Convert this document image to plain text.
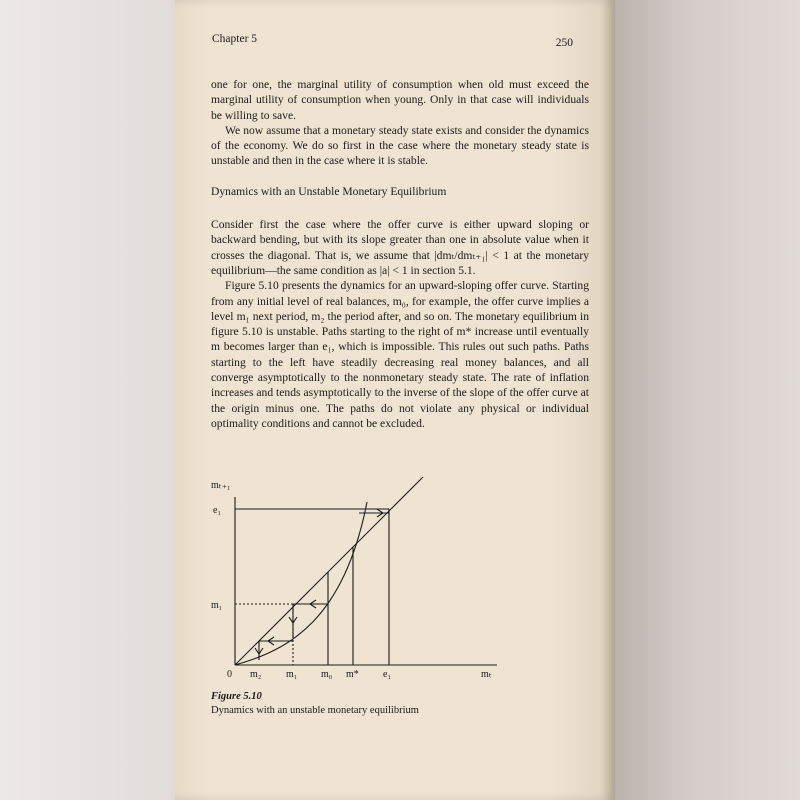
Chapter 5	250

one for one, the marginal utility of consumption when old must exceed the marginal utility of consumption when young. Only in that case will individuals be willing to save.

We now assume that a monetary steady state exists and consider the dynamics of the economy. We do so first in the case where the monetary steady state is unstable and then in the case where it is stable.

Dynamics with an Unstable Monetary Equilibrium

Consider first the case where the offer curve is either upward sloping or backward bending, but with its slope greater than one in absolute value when it crosses the diagonal. That is, we assume that |dmₜ/dmₜ₊₁| < 1 at the monetary equilibrium—the same condition as |a| < 1 in section 5.1.

Figure 5.10 presents the dynamics for an upward-sloping offer curve. Starting from any initial level of real balances, m₀, for example, the offer curve implies a level m₁ next period, m₂ the period after, and so on. The monetary equilibrium in figure 5.10 is unstable. Paths starting to the right of m* increase until eventually m becomes larger than e₁, which is impossible. This rules out such paths. Paths starting to the left have steadily decreasing real money balances, and all converge asymptotically to the nonmonetary steady state. The rate of inflation increases and tends asymptotically to the inverse of the slope of the offer curve at the origin minus one. The paths do not violate any physical or individual optimality conditions and cannot be excluded.

mₜ₊₁
e₁
m₁
0 m₂ m₁ m₀ m* e₁	mₜ
Figure 5.10
Dynamics with an unstable monetary equilibrium
